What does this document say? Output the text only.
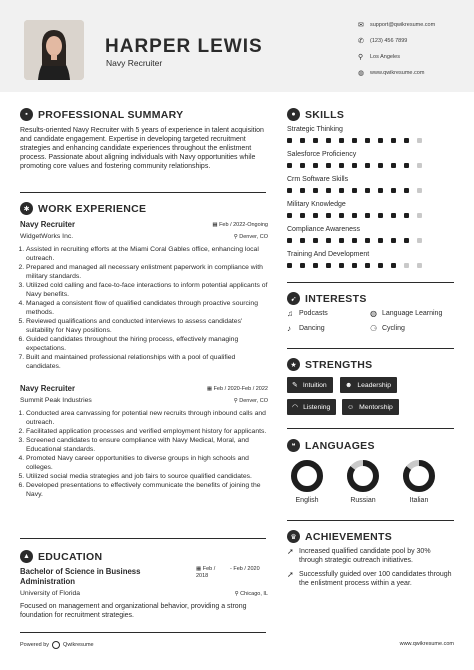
HARPER LEWIS
Navy Recruiter
✉	support@qwikresume.com
✆	(123) 456 7899
⚲	Los Angeles
◍	www.qwikresume.com
▪ PROFESSIONAL SUMMARY
Results-oriented Navy Recruiter with 5 years of experience in talent acquisition and candidate engagement. Expertise in developing targeted recruitment strategies and enhancing candidate experiences throughout the enlistment process. Passionate about aligning individuals with Navy opportunities while promoting core values and fostering community relationships.
✱ WORK EXPERIENCE
Navy Recruiter	▦ Feb / 2022-Ongoing
WidgetWorks Inc.	⚲ Denver, CO
1. Assisted in recruiting efforts at the Miami Coral Gables office, enhancing local outreach.
2. Prepared and managed all necessary enlistment paperwork in compliance with military standards.
3. Utilized cold calling and face-to-face interactions to inform potential applicants of Navy benefits.
4. Managed a consistent flow of qualified candidates through proactive sourcing methods.
5. Reviewed qualifications and conducted interviews to assess candidates' suitability for Navy positions.
6. Guided candidates throughout the hiring process, effectively managing expectations.
7. Built and maintained professional relationships with a pool of qualified candidates.
Navy Recruiter	▦ Feb / 2020-Feb / 2022
Summit Peak Industries	⚲ Denver, CO
1. Conducted area canvassing for potential new recruits through inbound calls and outreach.
2. Facilitated application processes and verified employment history for applicants.
3. Screened candidates to ensure compliance with Navy Medical, Moral, and Educational standards.
4. Promoted Navy career opportunities to diverse groups in high schools and colleges.
5. Utilized social media strategies and job fairs to source qualified candidates.
6. Developed presentations to effectively communicate the benefits of joining the Navy.
▲ EDUCATION
Bachelor of Science in Business Administration
▦ Feb / 2018
- Feb / 2020
University of Florida	⚲ Chicago, IL
Focused on management and organizational behavior, providing a strong foundation for recruitment strategies.
● SKILLS
Strategic Thinking
Salesforce Proficiency
Crm Software Skills
Military Knowledge
Compliance Awareness
Training And Development
➹ INTERESTS
♫ Podcasts	◍ Language Learning
♪	Dancing	⚆ Cycling
★ STRENGTHS
✎ Intuition	☻ Leadership
◠ Listening ☺ Mentorship
❝ LANGUAGES
English	Russian	Italian
♛ ACHIEVEMENTS
➚ Increased qualified candidate pool by 30% through strategic outreach initiatives.
➚ Successfully guided over 100 candidates through the enlistment process within a year.
Powered by	Qwikresume	www.qwikresume.com
